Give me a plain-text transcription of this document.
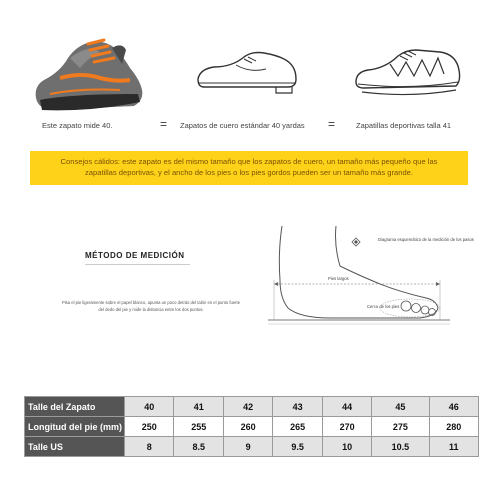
Este zapato mide 40.	= Zapatos de cuero estándar 40 yardas =	Zapatillas deportivas talla 41
Consejos cálidos: este zapato es del mismo tamaño que los zapatos de cuero, un tamaño más pequeño que las
zapatillas deportivas, y el ancho de los pies o los pies gordos pueden ser un tamaño más grande.
MÉTODO DE MEDICIÓN
Pisa el pie ligeramente sobre el papel blanco, apunta un poco detrás del talón en el punto fuerte del dedo del pie y mide la distancia entre los dos puntos.
Diagrama esquemático de la medición de los pasos
Pies largos
Cerco de los pies
Talle del Zapato	40	41	42	43	44	45	46
Longitud del pie (mm)	250	255	260	265	270	275	280
Talle US	8	8.5	9	9.5	10	10.5	11
